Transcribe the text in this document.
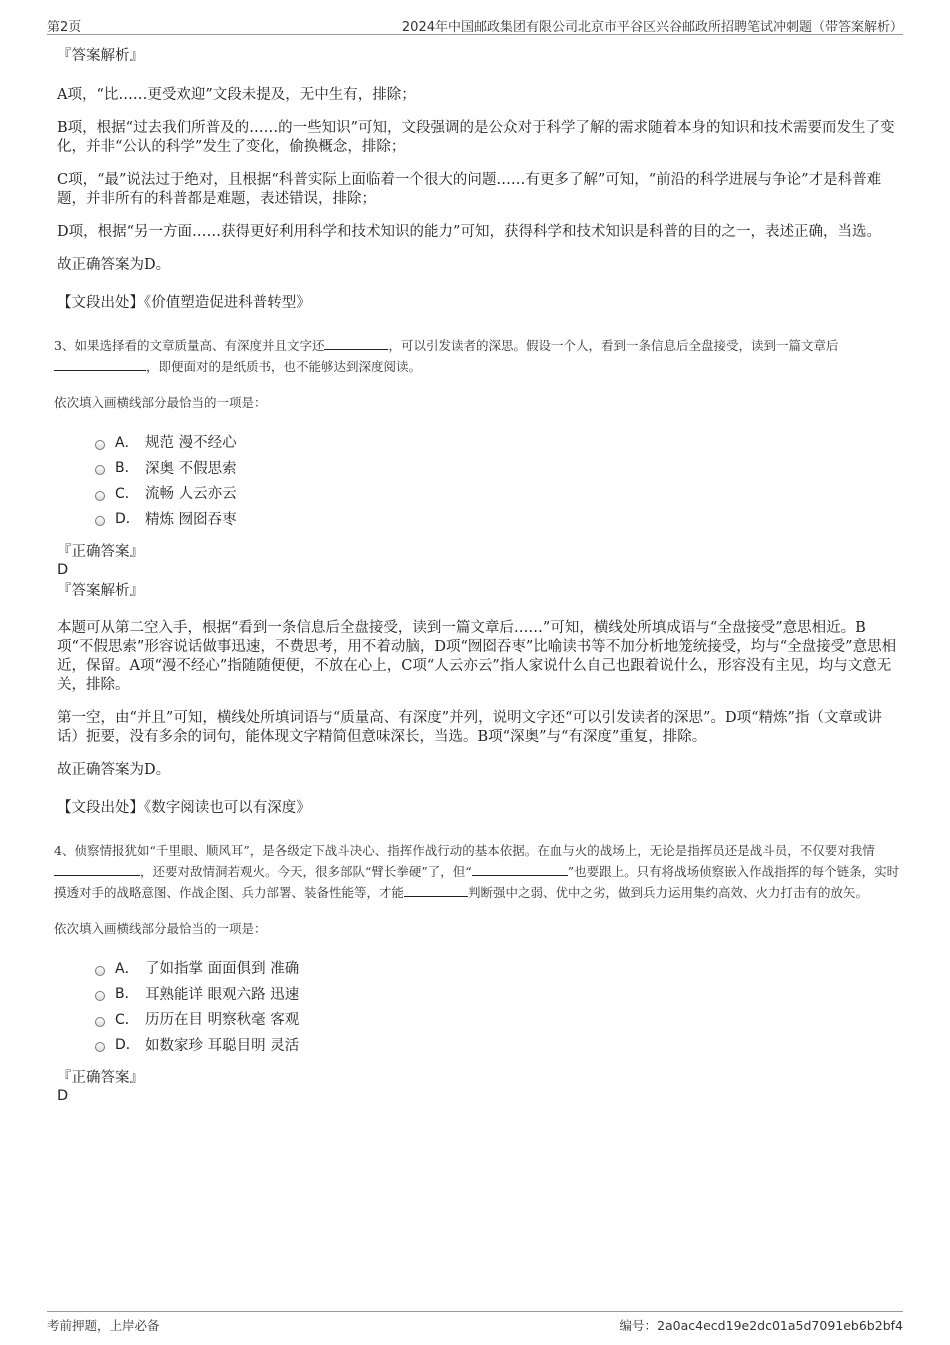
第2页	2024年中国邮政集团有限公司北京市平谷区兴谷邮政所招聘笔试冲刺题（带答案解析）

『答案解析』

A项，“比……更受欢迎”文段未提及，无中生有，排除；

B项，根据“过去我们所普及的……的一些知识”可知，文段强调的是公众对于科学了解的需求随着本身的知识和技术需要而发生了变化，并非“公认的科学”发生了变化，偷换概念，排除；

C项，“最”说法过于绝对，且根据“科普实际上面临着一个很大的问题……有更多了解”可知，“前沿的科学进展与争论”才是科普难题，并非所有的科普都是难题，表述错误，排除；

D项，根据“另一方面……获得更好利用科学和技术知识的能力”可知，获得科学和技术知识是科普的目的之一，表述正确，当选。

故正确答案为D。

【文段出处】《价值塑造促进科普转型》

3、如果选择看的文章质量高、有深度并且文字还	，可以引发读者的深思。假设一个人，看到一条信息后全盘接受，读到一篇文章后，即便面对的是纸质书，也不能够达到深度阅读。

依次填入画横线部分最恰当的一项是：

A． 规范 漫不经心
B． 深奥 不假思索
C． 流畅 人云亦云
D． 精炼 囫囵吞枣

『正确答案』

D

『答案解析』

本题可从第二空入手，根据“看到一条信息后全盘接受，读到一篇文章后……”可知，横线处所填成语与“全盘接受”意思相近。B项“不假思索”形容说话做事迅速，不费思考，用不着动脑，D项“囫囵吞枣”比喻读书等不加分析地笼统接受，均与“全盘接受”意思相近，保留。A项“漫不经心”指随随便便，不放在心上，C项“人云亦云”指人家说什么自己也跟着说什么，形容没有主见，均与文意无关，排除。

第一空，由“并且”可知，横线处所填词语与“质量高、有深度”并列，说明文字还“可以引发读者的深思”。D项“精炼”指（文章或讲话）扼要，没有多余的词句，能体现文字精简但意味深长，当选。B项“深奥”与“有深度”重复，排除。

故正确答案为D。

【文段出处】《数字阅读也可以有深度》

4、侦察情报犹如“千里眼、顺风耳”，是各级定下战斗决心、指挥作战行动的基本依据。在血与火的战场上，无论是指挥员还是战斗员，不仅要对我情，还要对敌情洞若观火。今天，很多部队“臂长拳硬”了，但“	”也要跟上。只有将战场侦察嵌入作战指挥的每个链条，实时摸透对手的战略意图、作战企图、兵力部署、装备性能等，才能	判断强中之弱、优中之劣，做到兵力运用集约高效、火力打击有的放矢。

依次填入画横线部分最恰当的一项是：

A． 了如指掌 面面俱到 准确
B． 耳熟能详 眼观六路 迅速
C． 历历在目 明察秋毫 客观
D． 如数家珍 耳聪目明 灵活

『正确答案』

D

考前押题，上岸必备	编号：2a0ac4ecd19e2dc01a5d7091eb6b2bf4
